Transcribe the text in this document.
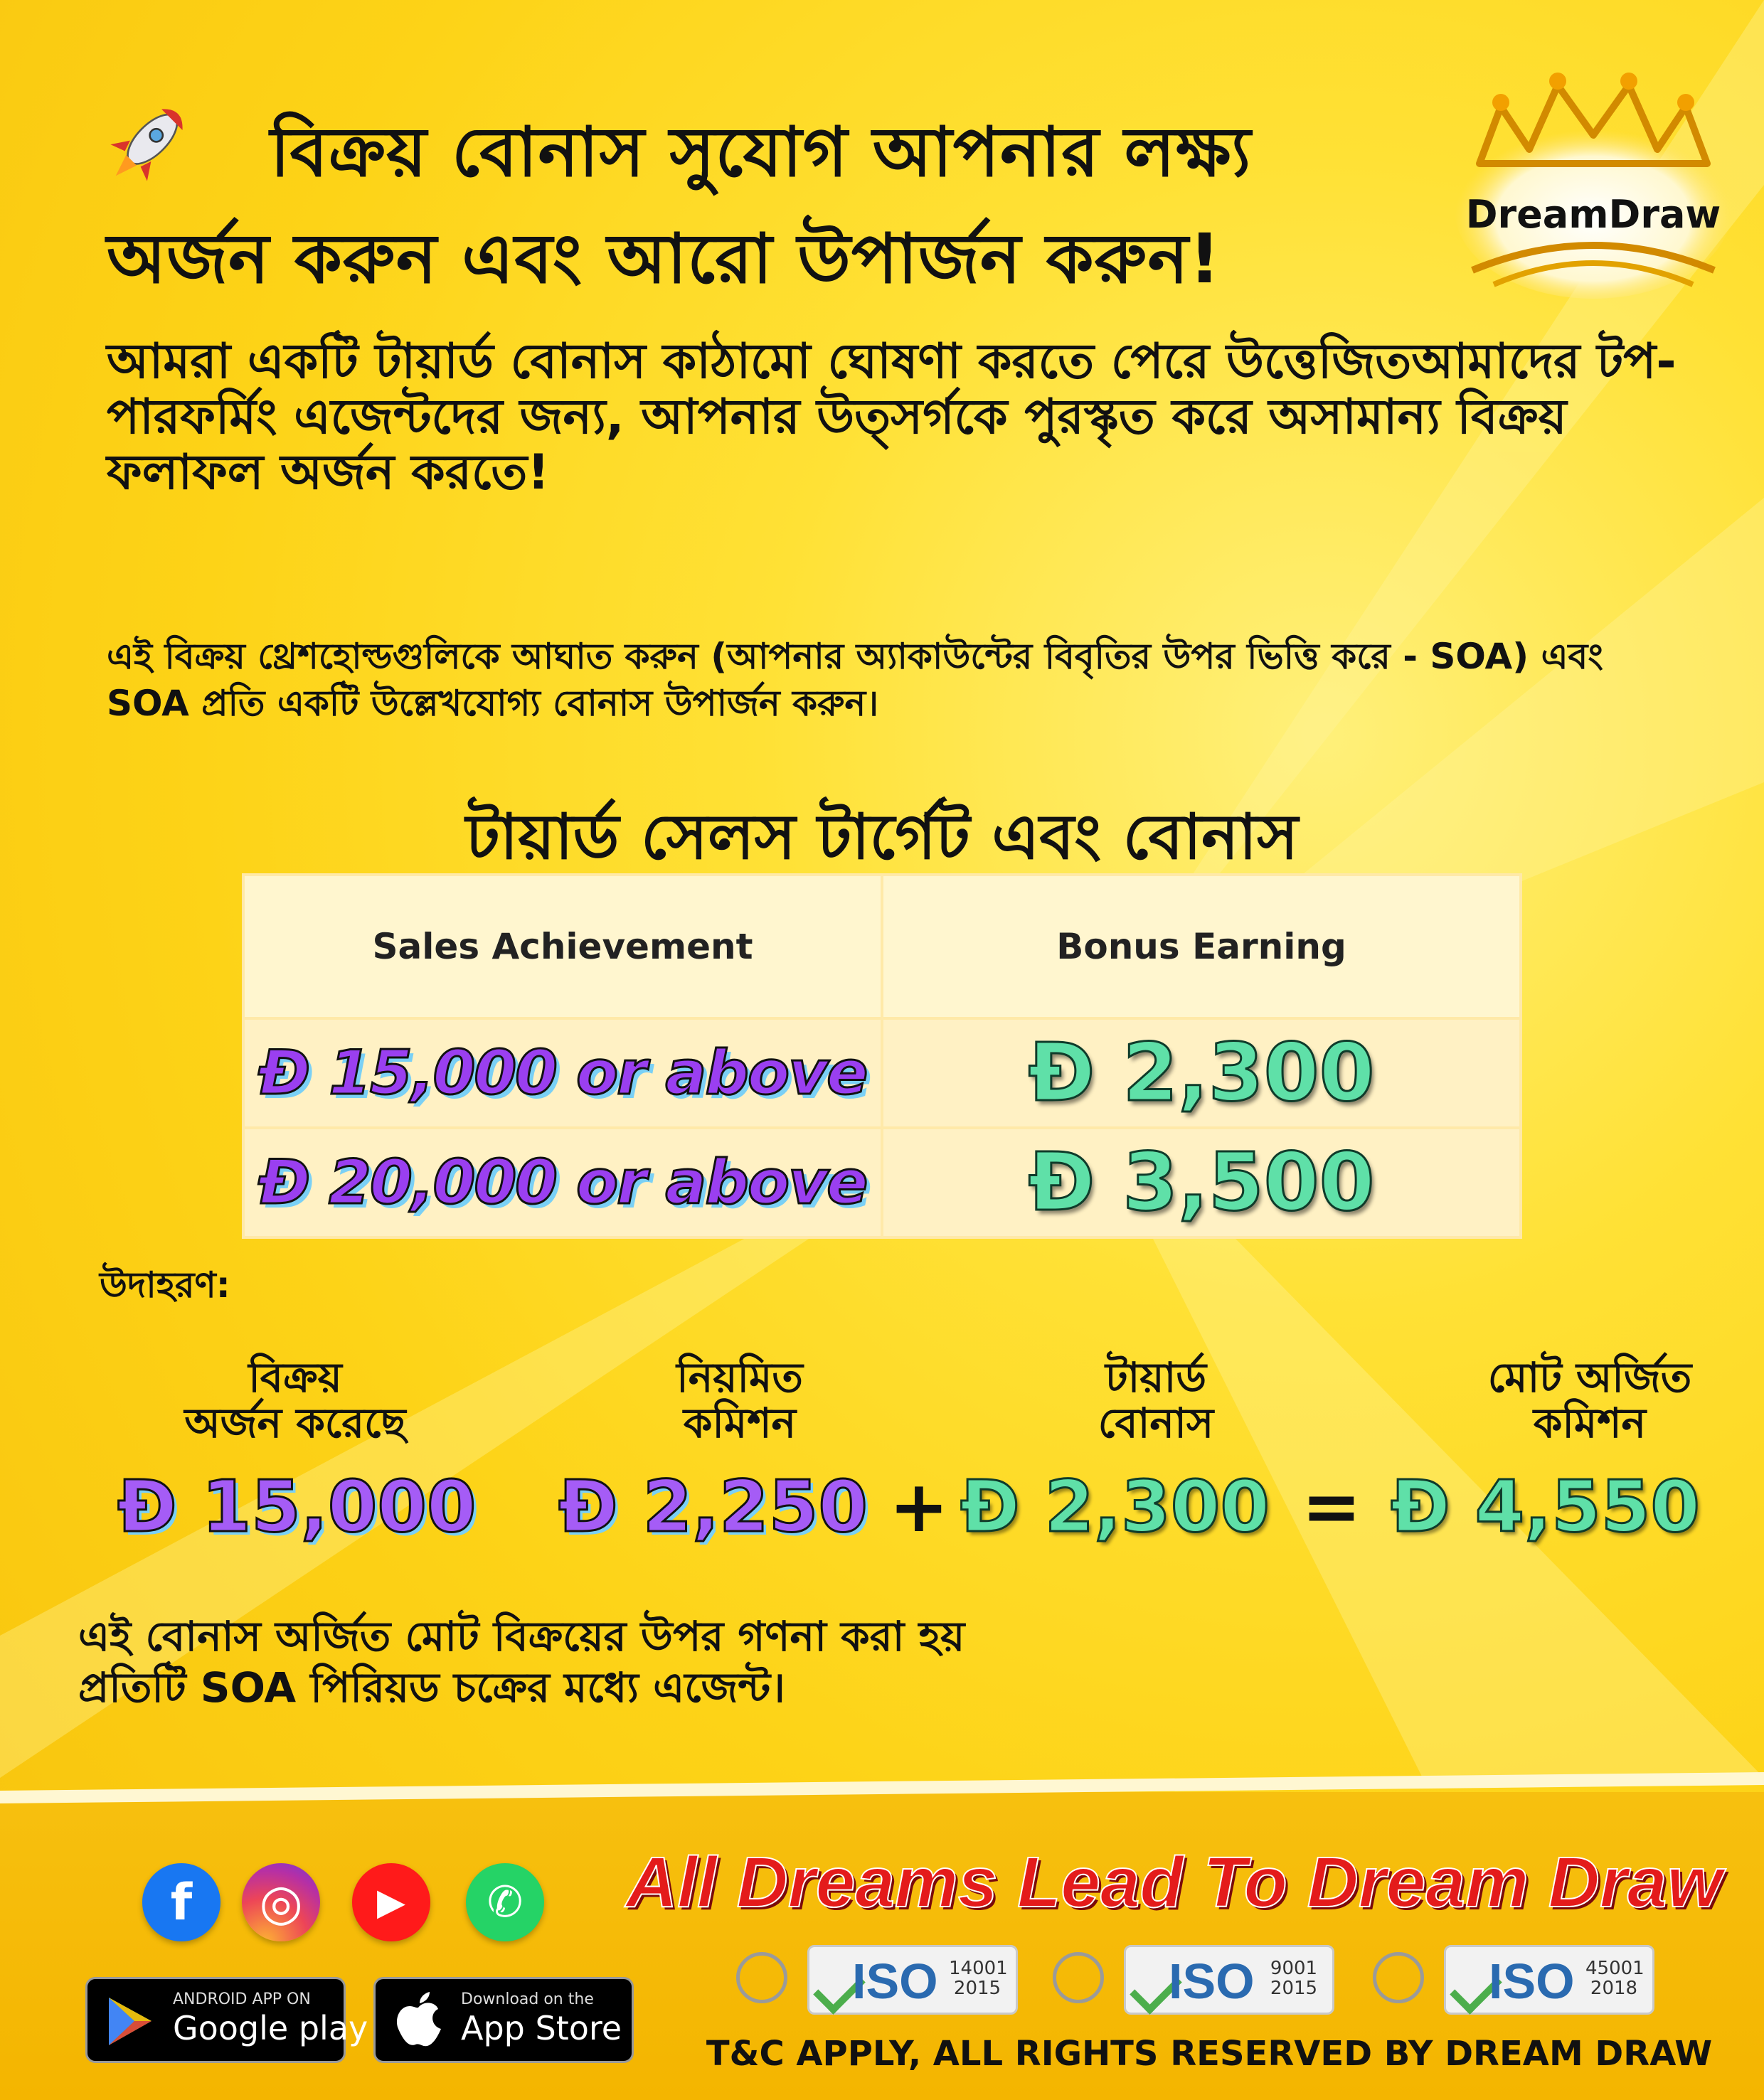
বিক্রয় বোনাস সুযোগ আপনার লক্ষ্য
অর্জন করুন এবং আরো উপার্জন করুন!
DreamDraw
আমরা একটি টায়ার্ড বোনাস কাঠামো ঘোষণা করতে পেরে উত্তেজিতআমাদের টপ-পারফর্মিং এজেন্টদের জন্য, আপনার উত্সর্গকে পুরস্কৃত করে অসামান্য বিক্রয় ফলাফল অর্জন করতে!
এই বিক্রয় থ্রেশহোল্ডগুলিকে আঘাত করুন (আপনার অ্যাকাউন্টের বিবৃতির উপর ভিত্তি করে - SOA) এবং SOA প্রতি একটি উল্লেখযোগ্য বোনাস উপার্জন করুন।
টায়ার্ড সেলস টার্গেট এবং বোনাস
Sales Achievement	Bonus Earning
Đ 15,000 or above	Đ 2,300
Đ 20,000 or above	Đ 3,500
উদাহরণ:
বিক্রয়
অর্জন করেছে
নিয়মিত
কমিশন
টায়ার্ড
বোনাস
মোট অর্জিত
কমিশন
Đ 15,000 Đ 2,250 + Đ 2,300 = Đ 4,550
এই বোনাস অর্জিত মোট বিক্রয়ের উপর গণনা করা হয়
প্রতিটি SOA পিরিয়ড চক্রের মধ্যে এজেন্ট।
f ◎ ▶ ✆
ANDROID APP ON
Google play
Download on the
App Store
All Dreams Lead To Dream Draw
ISO 14001
2015	ISO 9001
2015	ISO 45001
2018
T&C APPLY, ALL RIGHTS RESERVED BY DREAM DRAW
